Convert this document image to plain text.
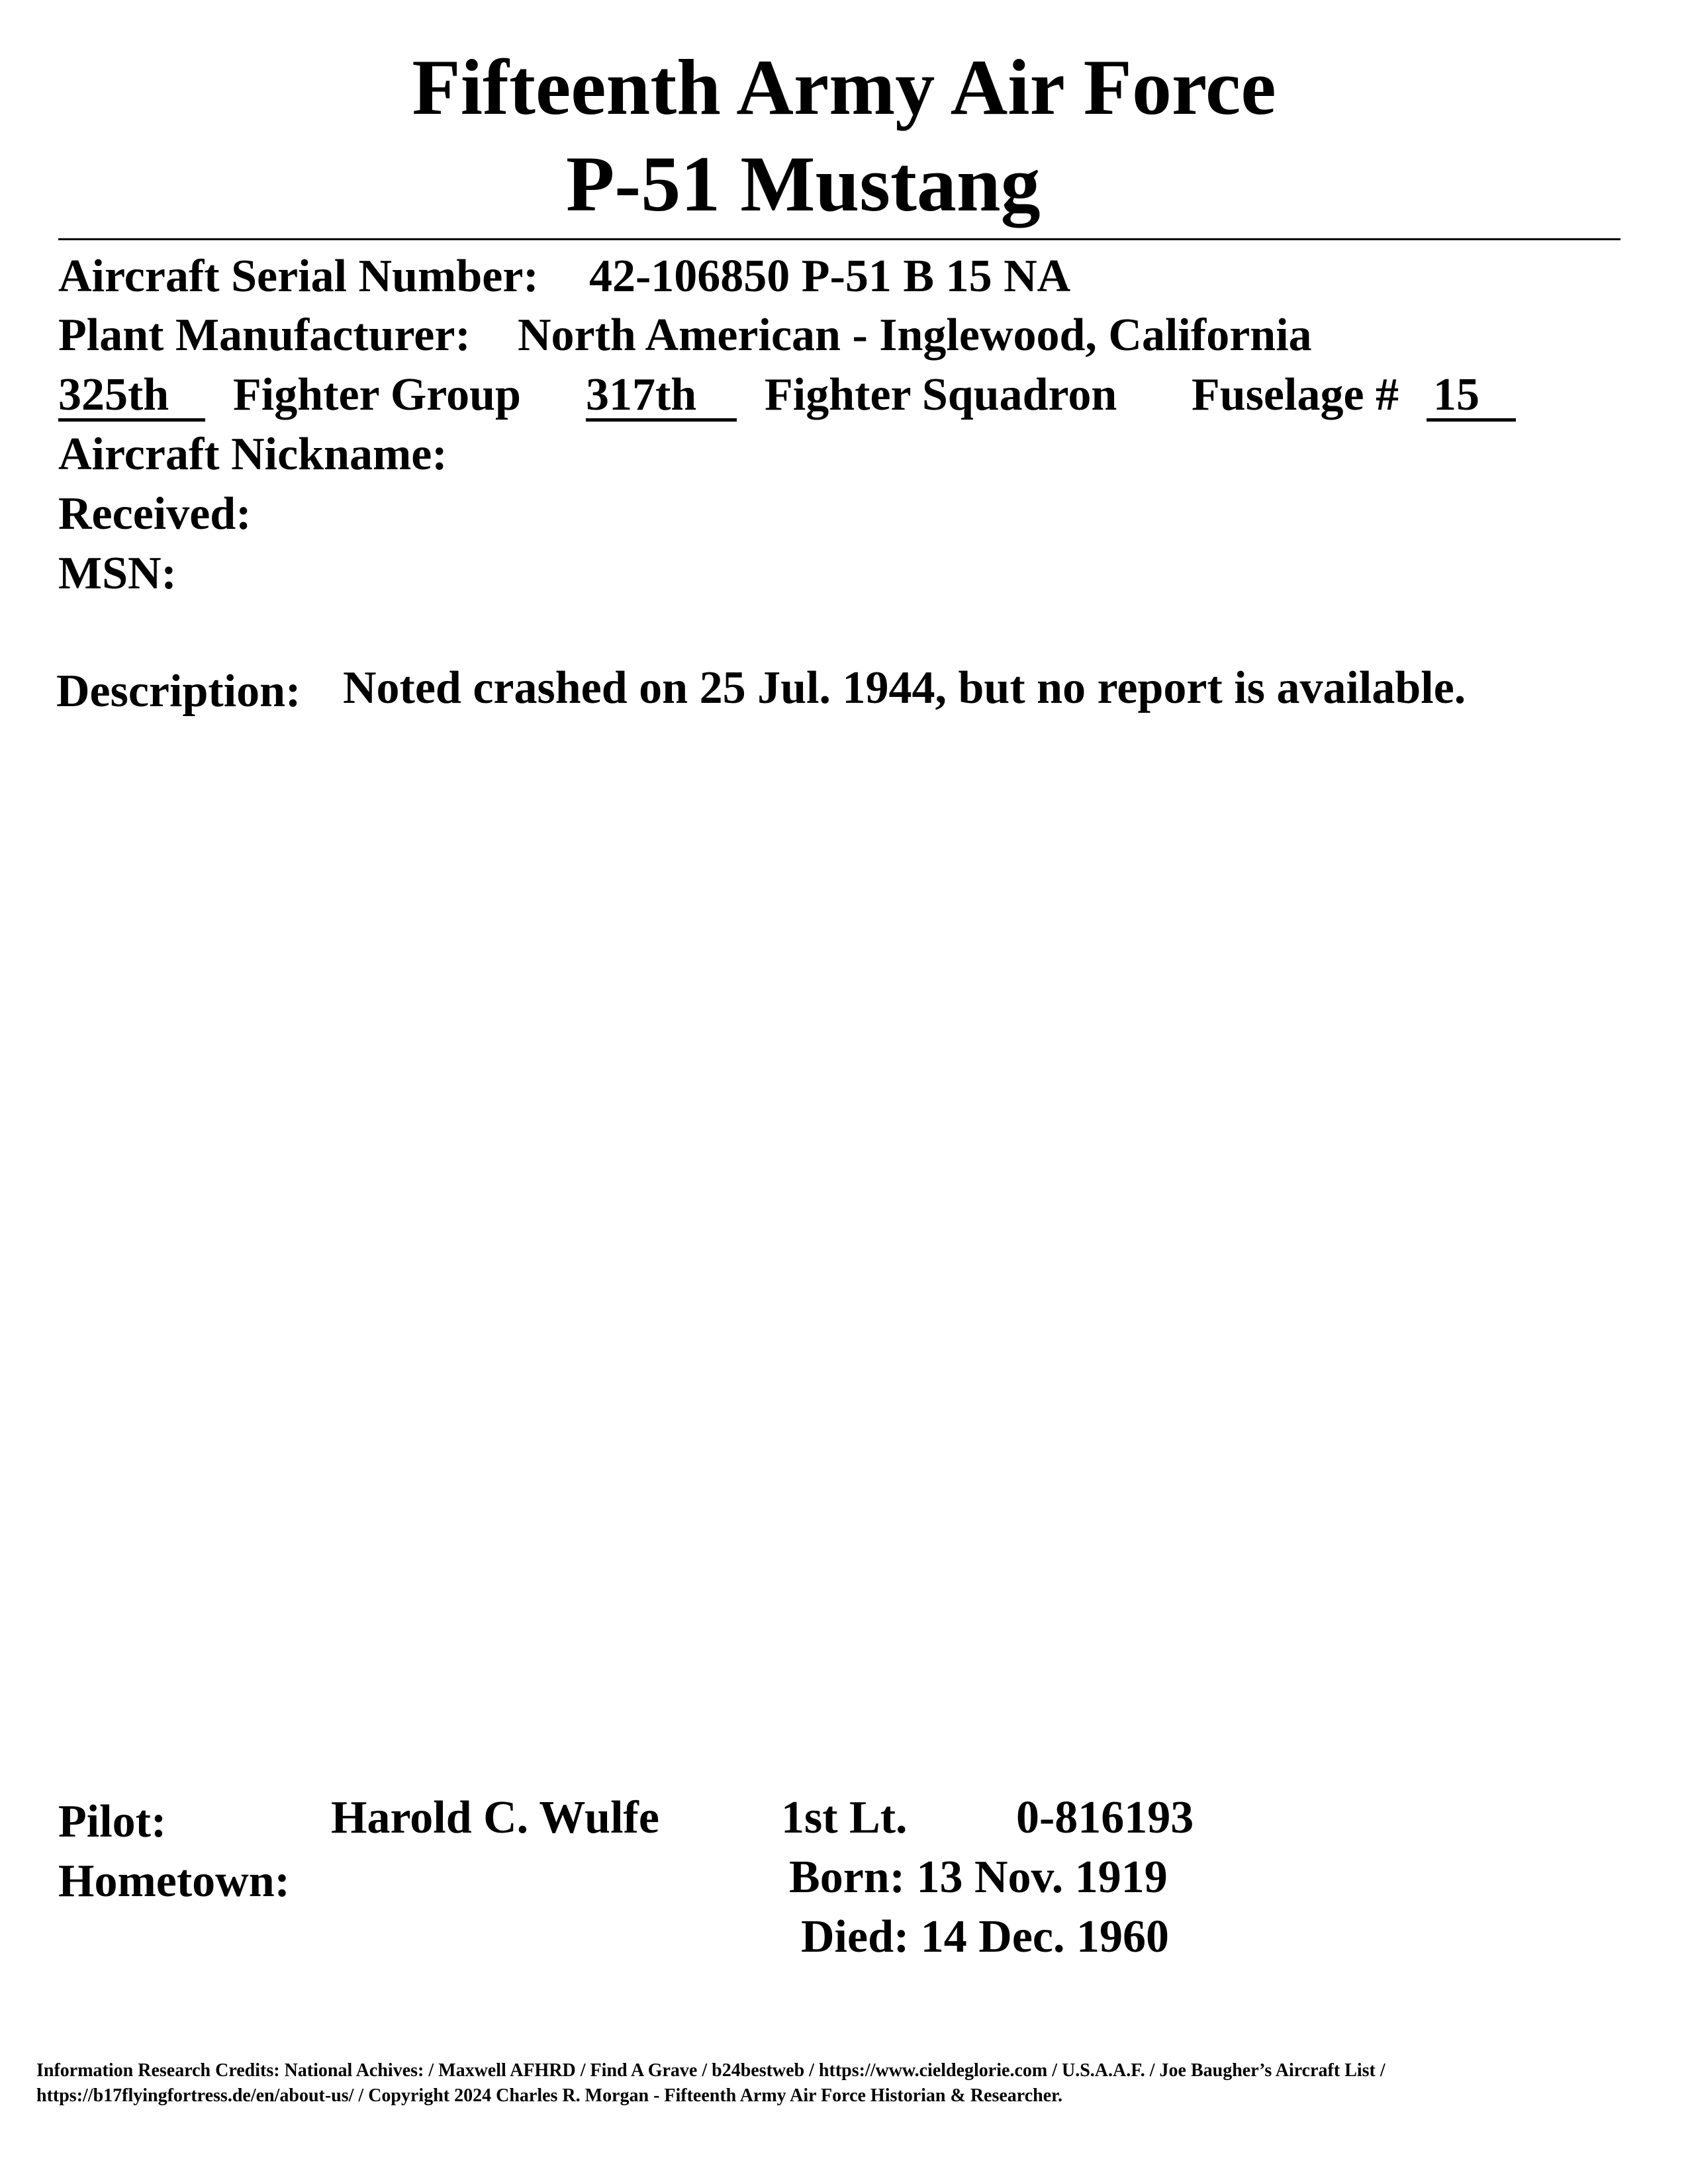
Fifteenth Army Air Force
P-51 Mustang
Aircraft Serial Number: 42-106850 P-51 B 15 NA
Plant Manufacturer: North American - Inglewood, California
325th	Fighter Group 317th	Fighter Squadron Fuselage # 15
Aircraft Nickname:
Received:
MSN:
Description: Noted crashed on 25 Jul. 1944, but no report is available.
Pilot:	Harold C. Wulfe	1st Lt. 0-816193
Hometown:	Born: 13 Nov. 1919
Died: 14 Dec. 1960
Information Research Credits: National Achives: / Maxwell AFHRD / Find A Grave / b24bestweb / https://www.cieldeglorie.com / U.S.A.A.F. / Joe Baugher’s Aircraft List /
https://b17flyingfortress.de/en/about-us/ / Copyright 2024 Charles R. Morgan - Fifteenth Army Air Force Historian & Researcher.
